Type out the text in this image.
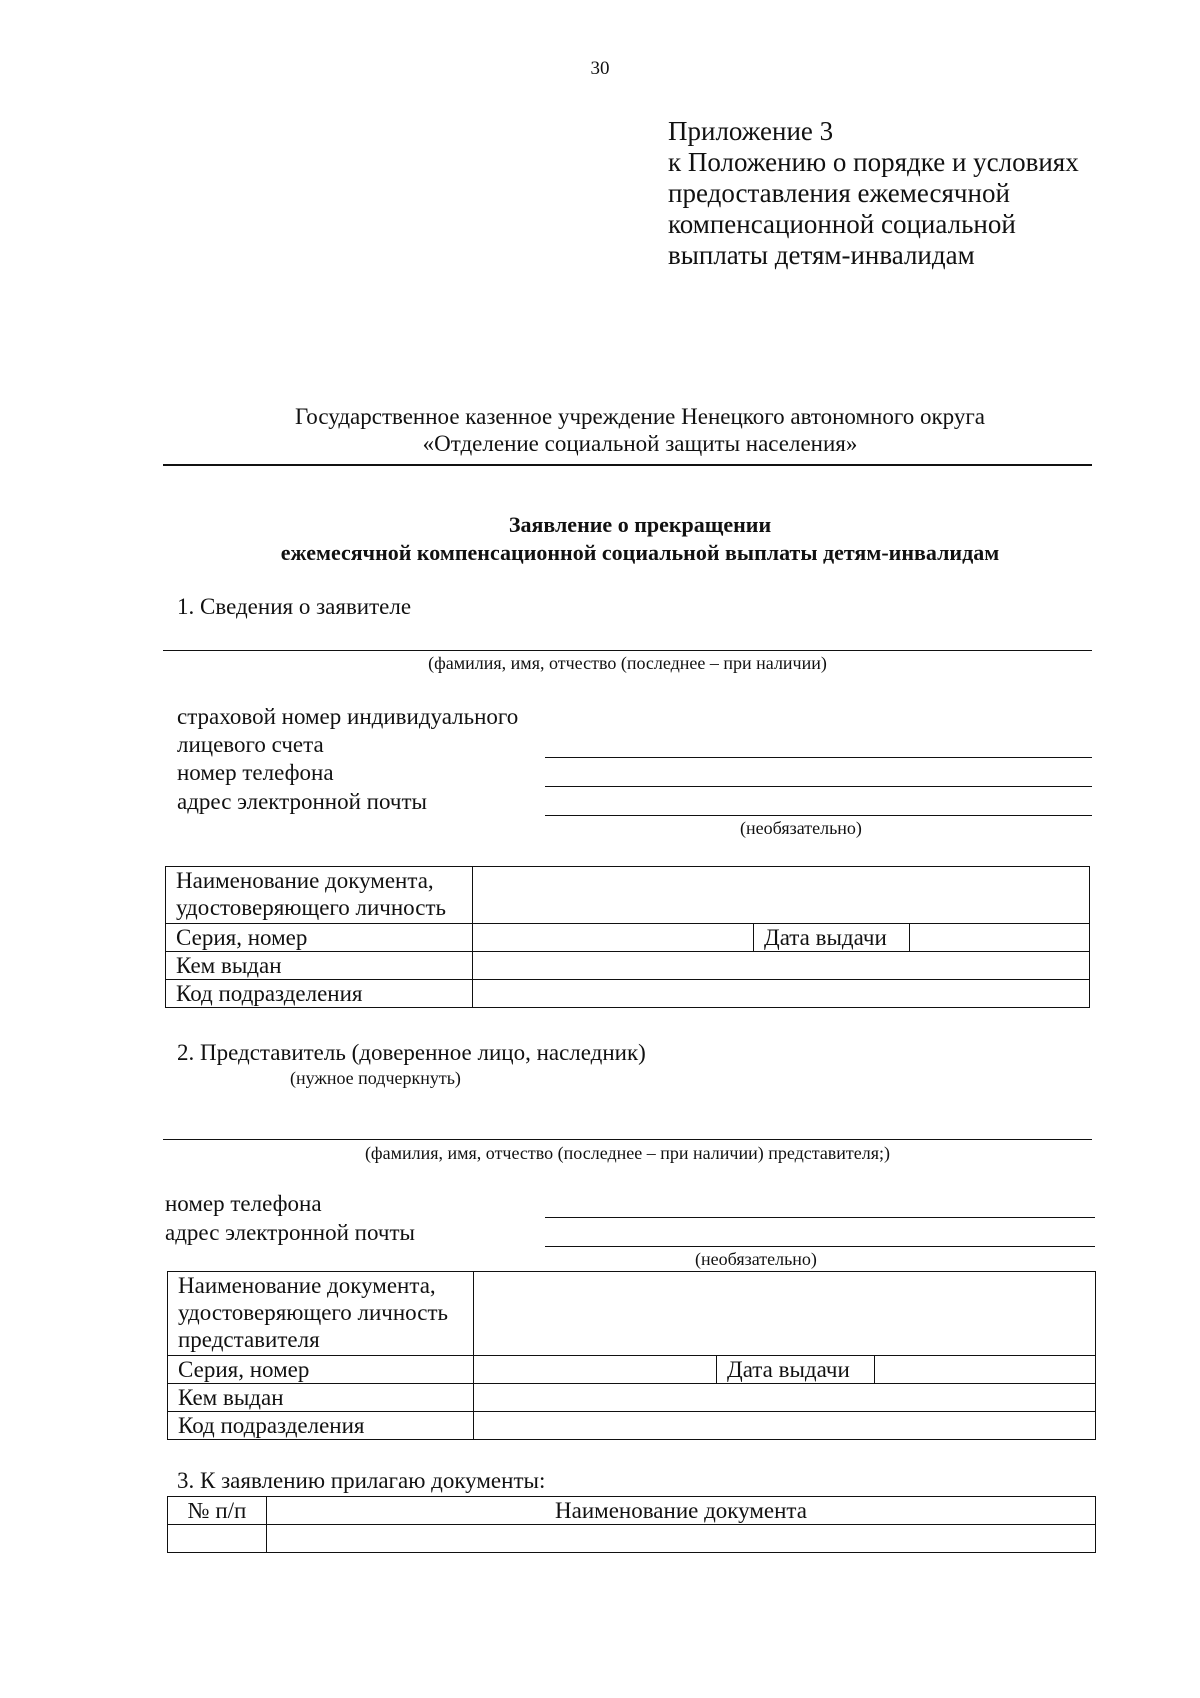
30
Приложение 3
к Положению о порядке и условиях
предоставления ежемесячной
компенсационной социальной
выплаты детям-инвалидам
Государственное казенное учреждение Ненецкого автономного округа
«Отделение социальной защиты населения»
Заявление о прекращении
ежемесячной компенсационной социальной выплаты детям-инвалидам
1. Сведения о заявителе
(фамилия, имя, отчество (последнее – при наличии)
страховой номер индивидуального
лицевого счета
номер телефона
адрес электронной почты
(необязательно)
Наименование документа,
удостоверяющего личность	

Серия, номер	Дата выдачи

Кем выдан	
Код подразделения	
2. Представитель (доверенное лицо, наследник)
(нужное подчеркнуть)
(фамилия, имя, отчество (последнее – при наличии) представителя;)
номер телефона
адрес электронной почты
(необязательно)
Наименование документа,
удостоверяющего личность
представителя	

Серия, номер	Дата выдачи

Кем выдан	
Код подразделения	
3. К заявлению прилагаю документы:
№ п/п	Наименование документа
